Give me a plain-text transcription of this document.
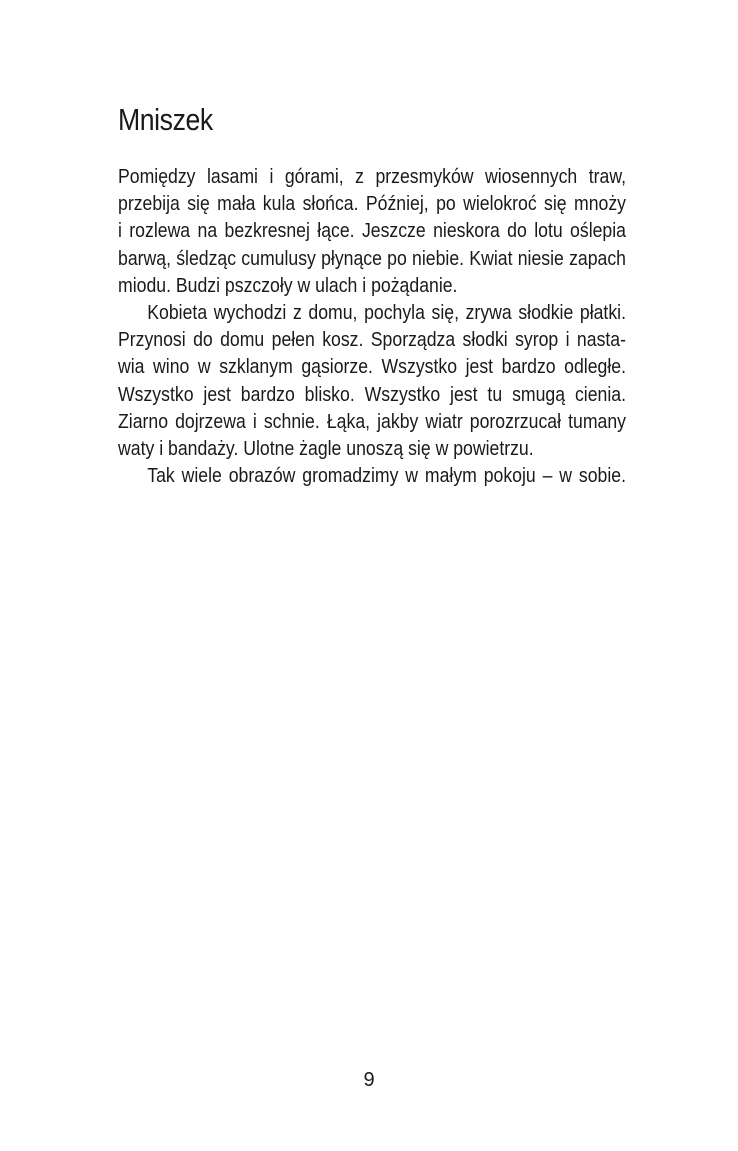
Mniszek
Pomiędzy lasami i górami, z przesmyków wiosennych traw,
przebija się mała kula słońca. Później, po wielokroć się mnoży
i rozlewa na bezkresnej łące. Jeszcze nieskora do lotu oślepia
barwą, śledząc cumulusy płynące po niebie. Kwiat niesie zapach
miodu. Budzi pszczoły w ulach i pożądanie.
Kobieta wychodzi z domu, pochyla się, zrywa słodkie płatki.
Przynosi do domu pełen kosz. Sporządza słodki syrop i nasta-
wia wino w szklanym gąsiorze. Wszystko jest bardzo odległe.
Wszystko jest bardzo blisko. Wszystko jest tu smugą cienia.
Ziarno dojrzewa i schnie. Łąka, jakby wiatr porozrzucał tumany
waty i bandaży. Ulotne żagle unoszą się w powietrzu.
Tak wiele obrazów gromadzimy w małym pokoju – w sobie.
9
